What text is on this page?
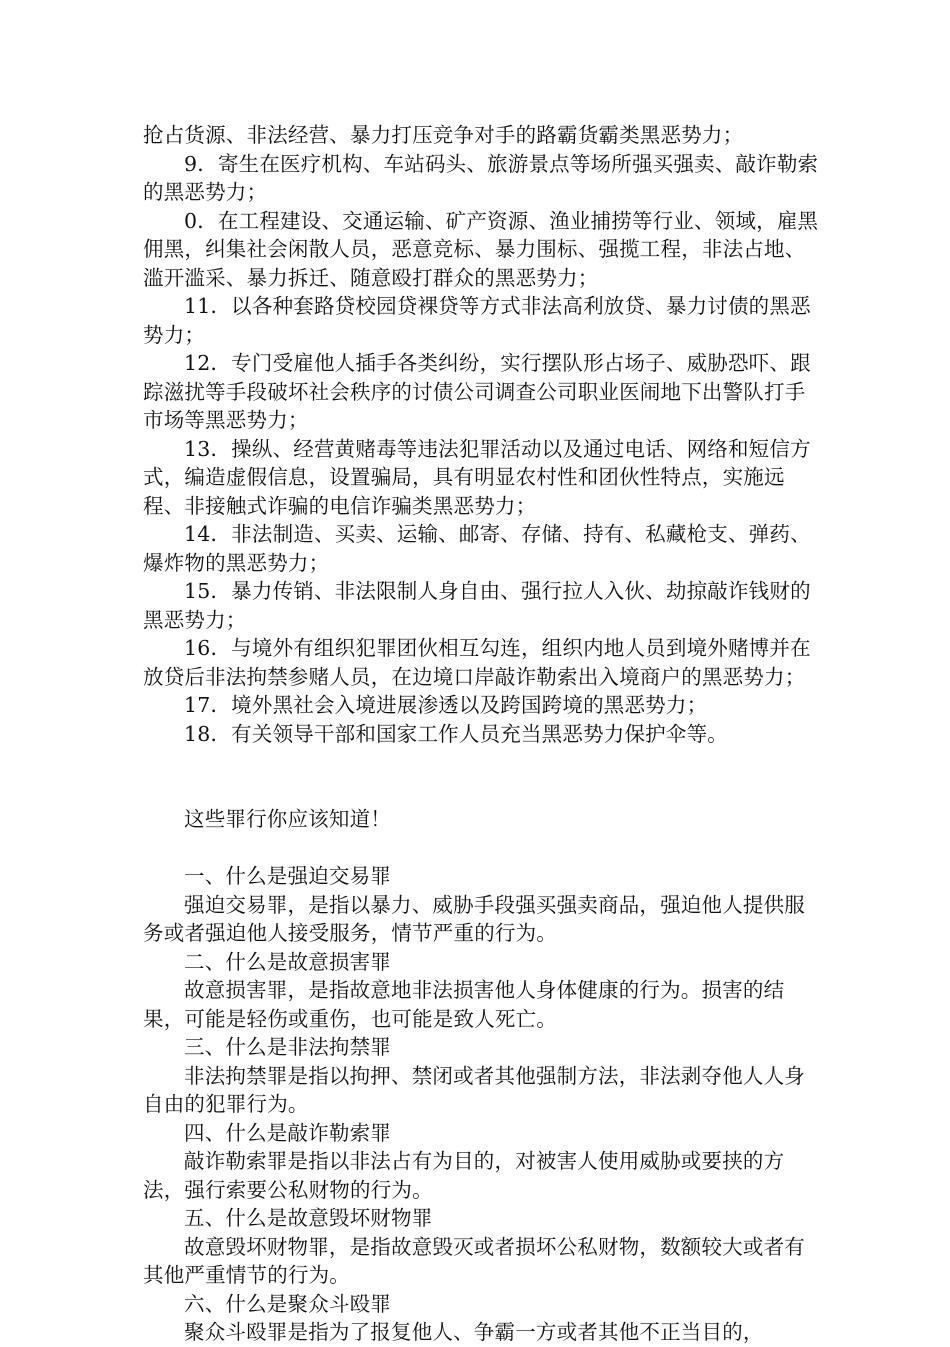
抢占货源、非法经营、暴力打压竞争对手的路霸货霸类黑恶势力；

9．寄生在医疗机构、车站码头、旅游景点等场所强买强卖、敲诈勒索的黑恶势力；

0．在工程建设、交通运输、矿产资源、渔业捕捞等行业、领域，雇黑佣黑，纠集社会闲散人员，恶意竞标、暴力围标、强揽工程，非法占地、滥开滥采、暴力拆迁、随意殴打群众的黑恶势力；

11．以各种套路贷校园贷裸贷等方式非法高利放贷、暴力讨债的黑恶势力；

12．专门受雇他人插手各类纠纷，实行摆队形占场子、威胁恐吓、跟踪滋扰等手段破坏社会秩序的讨债公司调查公司职业医闹地下出警队打手市场等黑恶势力；

13．操纵、经营黄赌毒等违法犯罪活动以及通过电话、网络和短信方式，编造虚假信息，设置骗局，具有明显农村性和团伙性特点，实施远程、非接触式诈骗的电信诈骗类黑恶势力；

14．非法制造、买卖、运输、邮寄、存储、持有、私藏枪支、弹药、爆炸物的黑恶势力；

15．暴力传销、非法限制人身自由、强行拉人入伙、劫掠敲诈钱财的黑恶势力；

16．与境外有组织犯罪团伙相互勾连，组织内地人员到境外赌博并在放贷后非法拘禁参赌人员，在边境口岸敲诈勒索出入境商户的黑恶势力；

17．境外黑社会入境进展渗透以及跨国跨境的黑恶势力；

18．有关领导干部和国家工作人员充当黑恶势力保护伞等。

这些罪行你应该知道！

一、什么是强迫交易罪

强迫交易罪，是指以暴力、威胁手段强买强卖商品，强迫他人提供服务或者强迫他人接受服务，情节严重的行为。

二、什么是故意损害罪

故意损害罪，是指故意地非法损害他人身体健康的行为。损害的结果，可能是轻伤或重伤，也可能是致人死亡。

三、什么是非法拘禁罪

非法拘禁罪是指以拘押、禁闭或者其他强制方法，非法剥夺他人人身自由的犯罪行为。

四、什么是敲诈勒索罪

敲诈勒索罪是指以非法占有为目的，对被害人使用威胁或要挟的方法，强行索要公私财物的行为。

五、什么是故意毁坏财物罪

故意毁坏财物罪，是指故意毁灭或者损坏公私财物，数额较大或者有其他严重情节的行为。

六、什么是聚众斗殴罪

聚众斗殴罪是指为了报复他人、争霸一方或者其他不正当目的，
